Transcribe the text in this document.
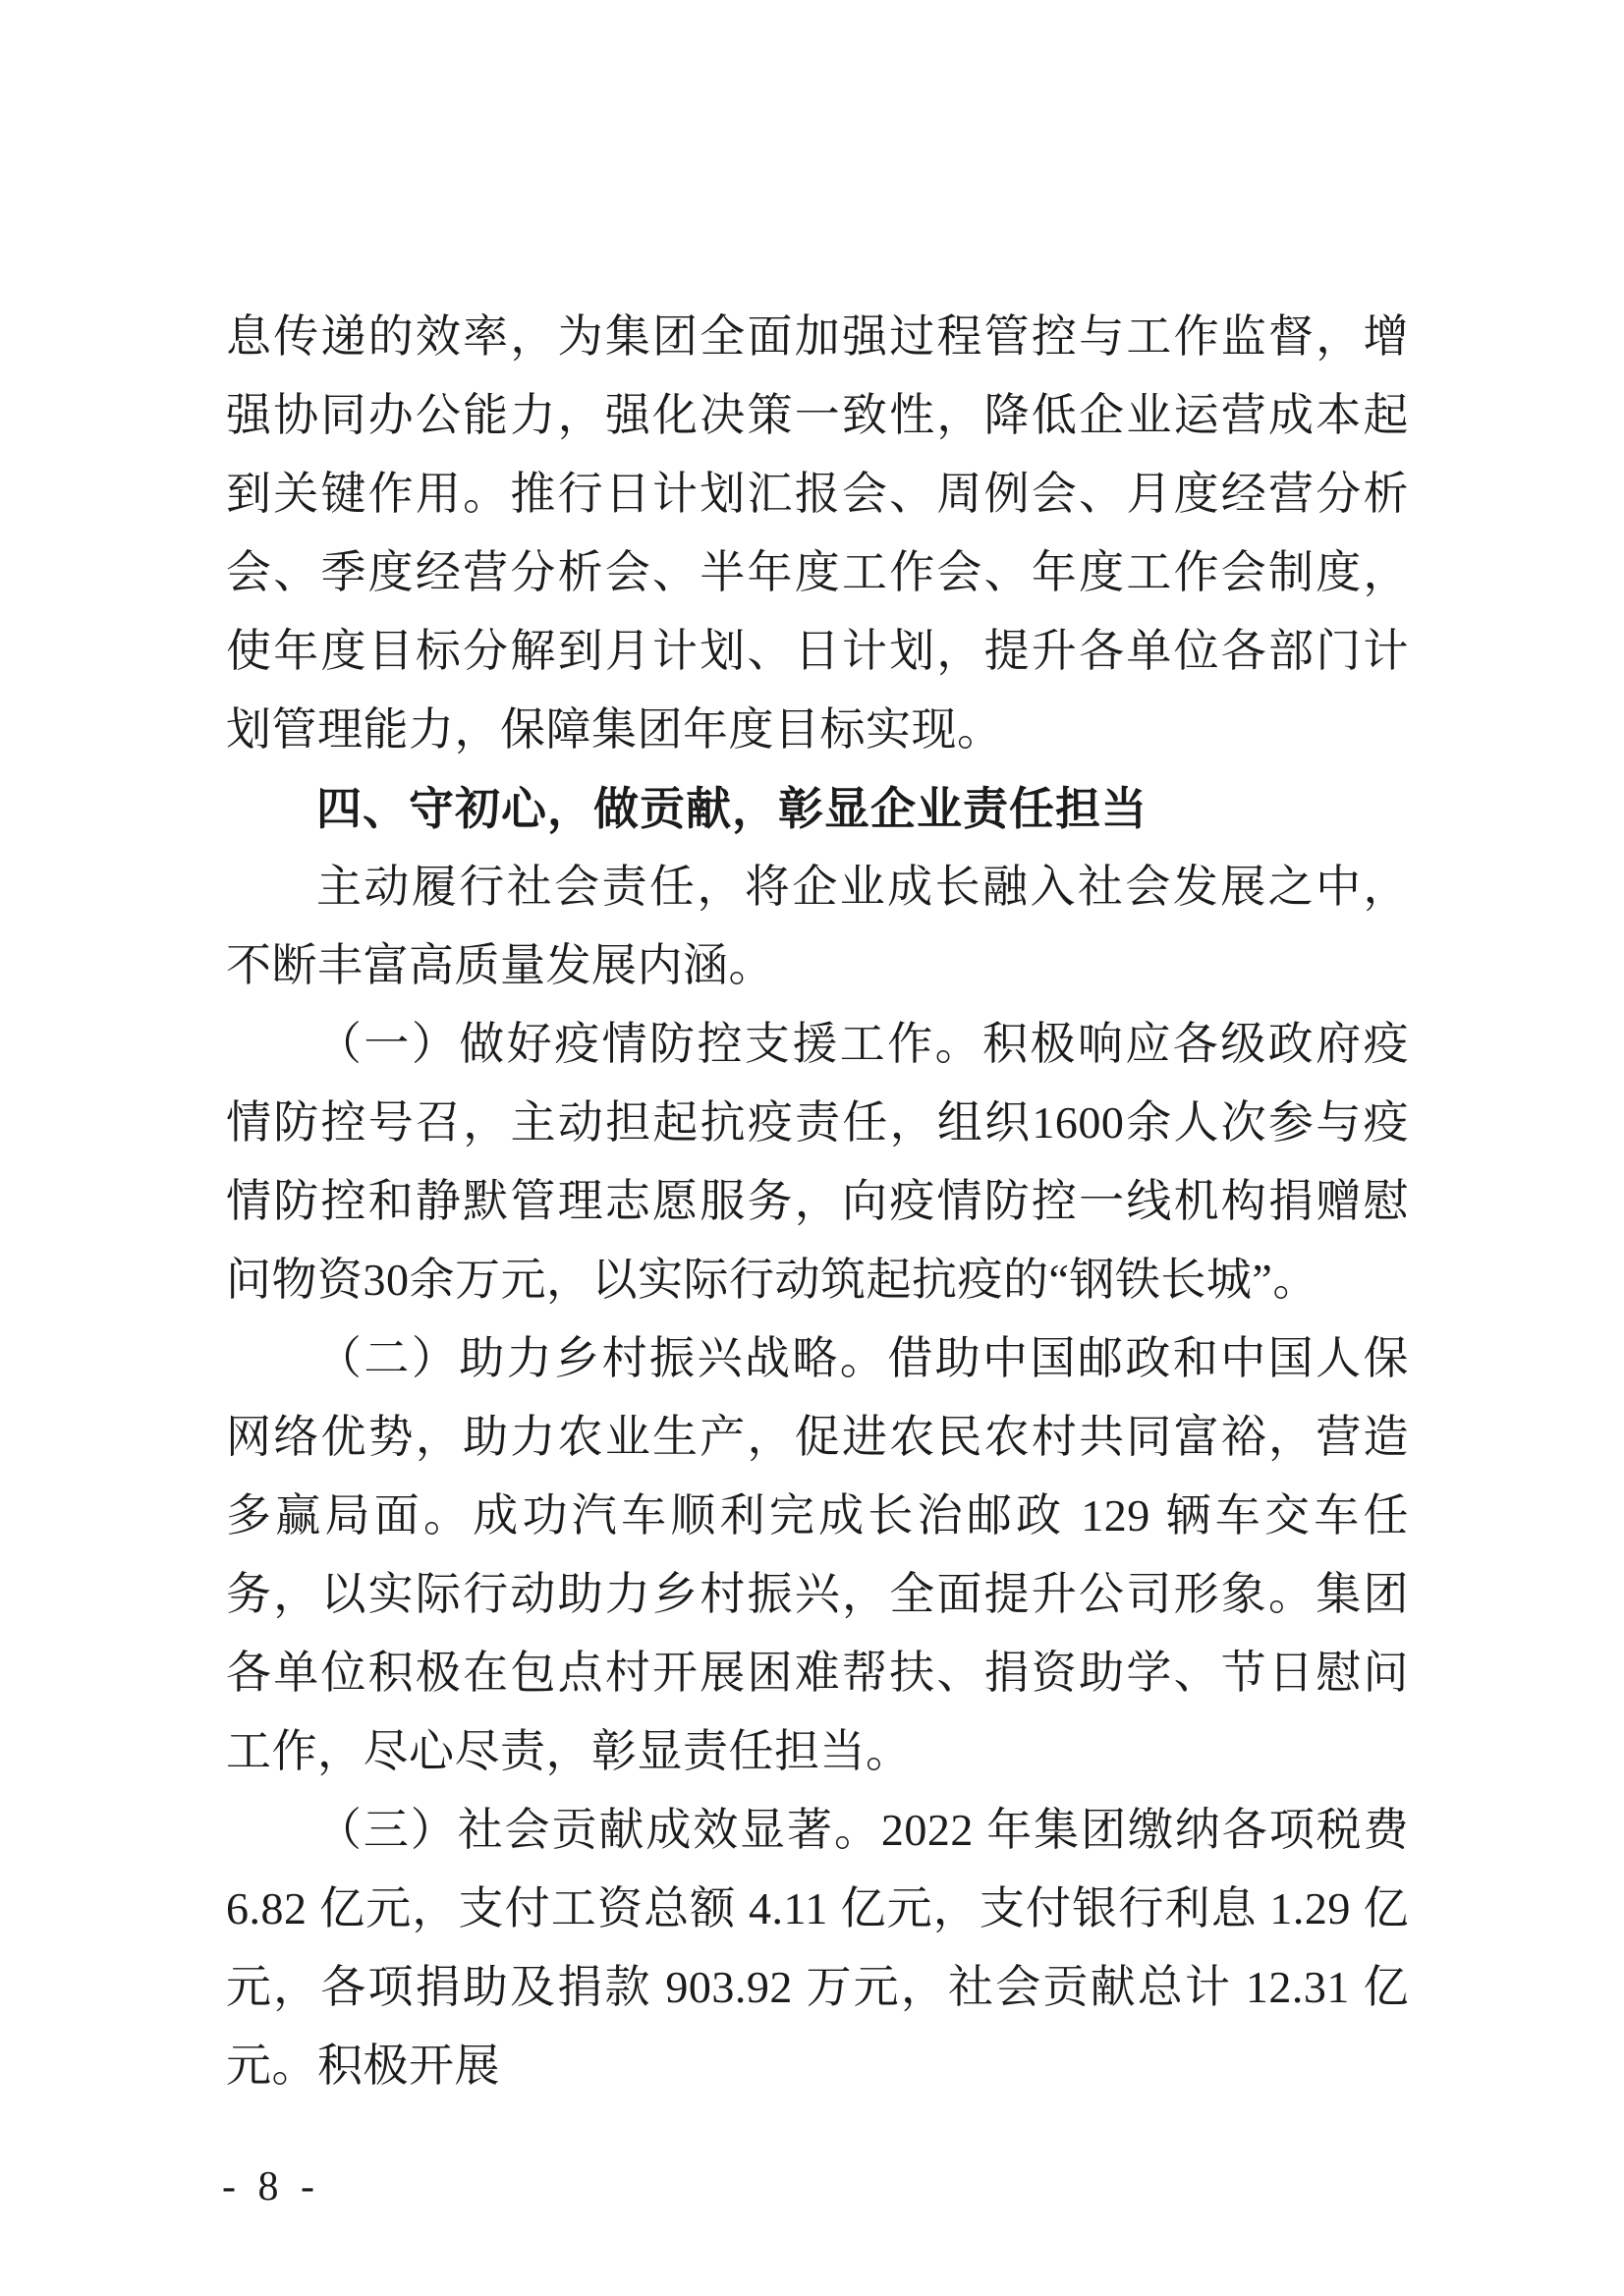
息传递的效率，为集团全面加强过程管控与工作监督，增强协同办公能力，强化决策一致性，降低企业运营成本起到关键作用。推行日计划汇报会、周例会、月度经营分析会、季度经营分析会、半年度工作会、年度工作会制度，使年度目标分解到月计划、日计划，提升各单位各部门计划管理能力，保障集团年度目标实现。

四、守初心，做贡献，彰显企业责任担当

主动履行社会责任，将企业成长融入社会发展之中，不断丰富高质量发展内涵。

（一）做好疫情防控支援工作。积极响应各级政府疫情防控号召，主动担起抗疫责任，组织1600余人次参与疫情防控和静默管理志愿服务，向疫情防控一线机构捐赠慰问物资30余万元，以实际行动筑起抗疫的“钢铁长城”。

（二）助力乡村振兴战略。借助中国邮政和中国人保网络优势，助力农业生产，促进农民农村共同富裕，营造多赢局面。成功汽车顺利完成长治邮政 129 辆车交车任务，以实际行动助力乡村振兴，全面提升公司形象。集团各单位积极在包点村开展困难帮扶、捐资助学、节日慰问工作，尽心尽责，彰显责任担当。

（三）社会贡献成效显著。2022 年集团缴纳各项税费 6.82 亿元，支付工资总额 4.11 亿元，支付银行利息 1.29 亿元，各项捐助及捐款 903.92 万元，社会贡献总计 12.31 亿元。积极开展

- 8 -
